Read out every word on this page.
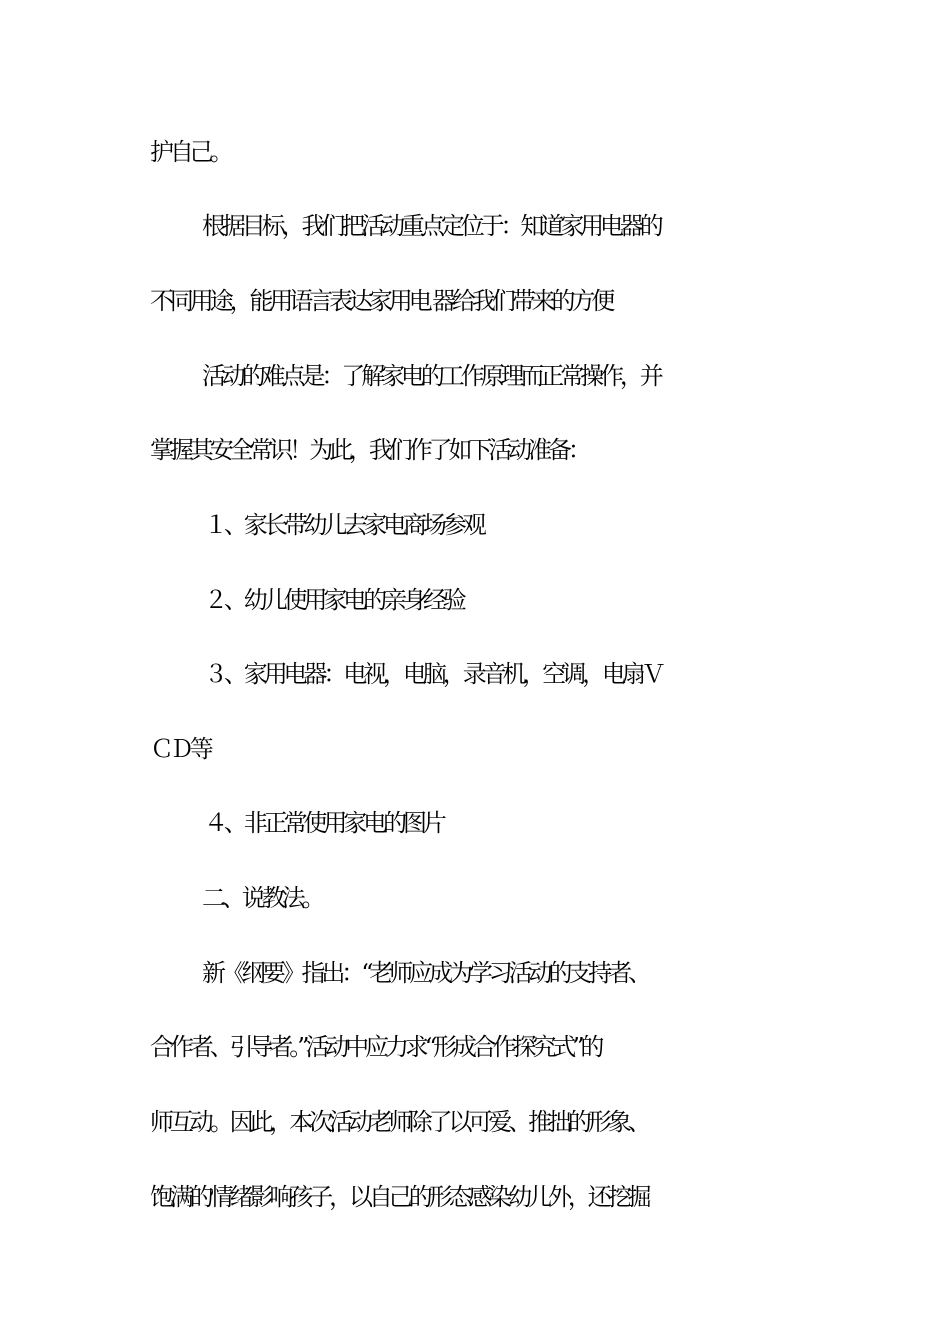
护自己。
根据目标，我们把活动重点定位于：知道家用电器的
不同用途，能用语言表达家用电 器给我们带来的方便
活动的难点是：了解家电的工作原理而正常操作，并
掌握其安全常识！为此，我们作了如下活动准备：
１、家长带幼儿去家电商场参观
２、幼儿使用家电的亲身经验
３、家用电器：电视，电脑，录音机，空调，电扇Ｖ
ＣＤ等
４、非正常使用家电的图片
二、说教法。
新《纲要》指出：“老师应成为学习活动的支持者、
合作者、引导者。”活动中应力求“形成合作探究式”的
师互动。因此，本次活动老师除了以可爱、推拙的形象、
饱满的情绪影响孩子，以自己的形态感染幼儿外，还挖掘
